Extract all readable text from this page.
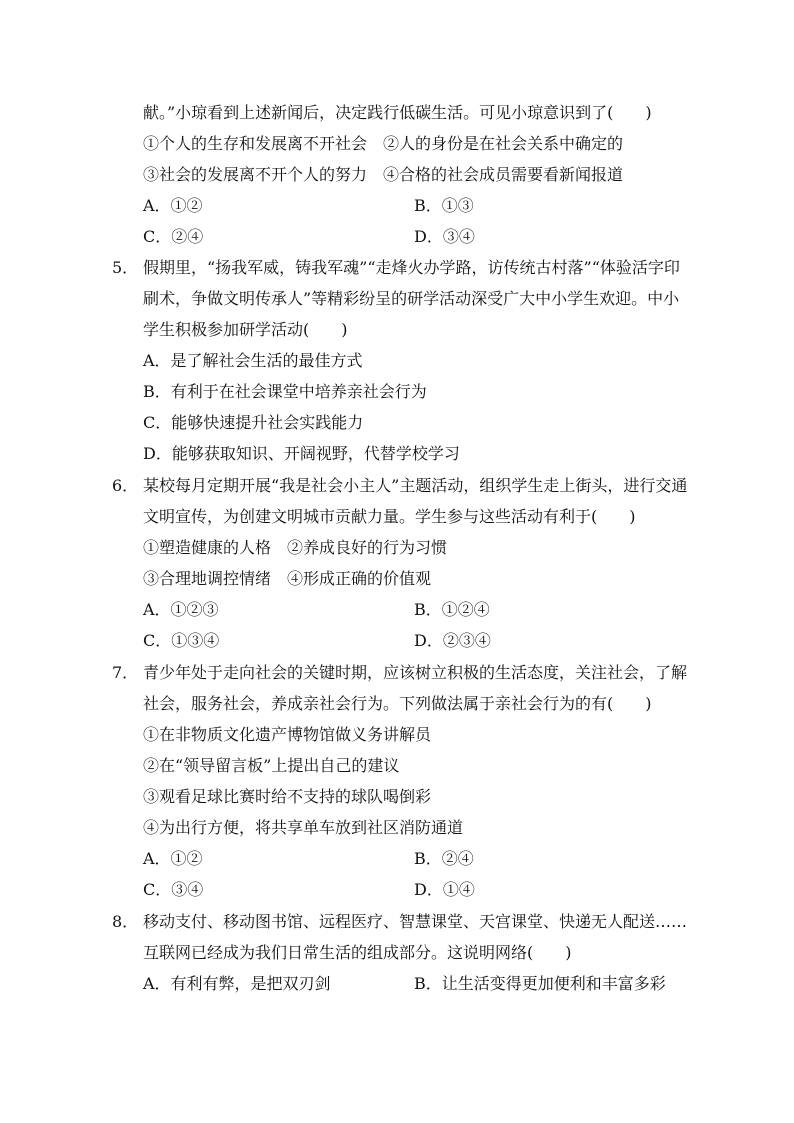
献。”小琼看到上述新闻后，决定践行低碳生活。可见小琼意识到了(　　)
①个人的生存和发展离不开社会　②人的身份是在社会关系中确定的
③社会的发展离不开个人的努力　④合格的社会成员需要看新闻报道
A．①②	B．①③
C．②④	D．③④
5． 假期里，“扬我军威，铸我军魂”“走烽火办学路，访传统古村落”“体验活字印
刷术，争做文明传承人”等精彩纷呈的研学活动深受广大中小学生欢迎。中小
学生积极参加研学活动(　　)
A．是了解社会生活的最佳方式
B．有利于在社会课堂中培养亲社会行为
C．能够快速提升社会实践能力
D．能够获取知识、开阔视野，代替学校学习
6． 某校每月定期开展“我是社会小主人”主题活动，组织学生走上街头，进行交通
文明宣传，为创建文明城市贡献力量。学生参与这些活动有利于(　　)
①塑造健康的人格　②养成良好的行为习惯
③合理地调控情绪　④形成正确的价值观
A．①②③	B．①②④
C．①③④	D．②③④
7． 青少年处于走向社会的关键时期，应该树立积极的生活态度，关注社会，了解
社会，服务社会，养成亲社会行为。下列做法属于亲社会行为的有(　　)
①在非物质文化遗产博物馆做义务讲解员
②在“领导留言板”上提出自己的建议
③观看足球比赛时给不支持的球队喝倒彩
④为出行方便，将共享单车放到社区消防通道
A．①②	B．②④
C．③④	D．①④
8． 移动支付、移动图书馆、远程医疗、智慧课堂、天宫课堂、快递无人配送……
互联网已经成为我们日常生活的组成部分。这说明网络(　　)
A．有利有弊，是把双刃剑	B．让生活变得更加便利和丰富多彩
